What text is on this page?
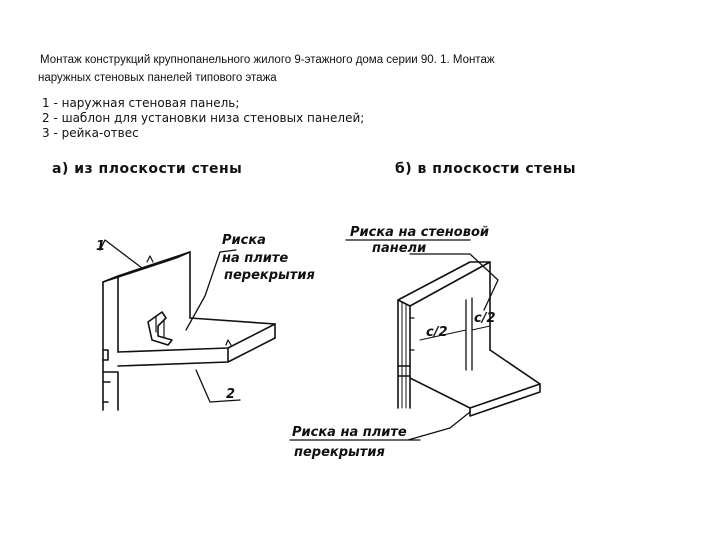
Монтаж конструкций крупнопанельного жилого 9-этажного дома серии 90. 1. Монтаж
наружных стеновых панелей типового этажа
1 - наружная стеновая панель;
2 - шаблон для установки низа стеновых панелей;
3 - рейка-отвес
а) из плоскости стены	б) в плоскости стены
Риска
на плите
перекрытия
1
2
Риска на стеновой
панели
Риска на плите
перекрытия
с/2
с/2
